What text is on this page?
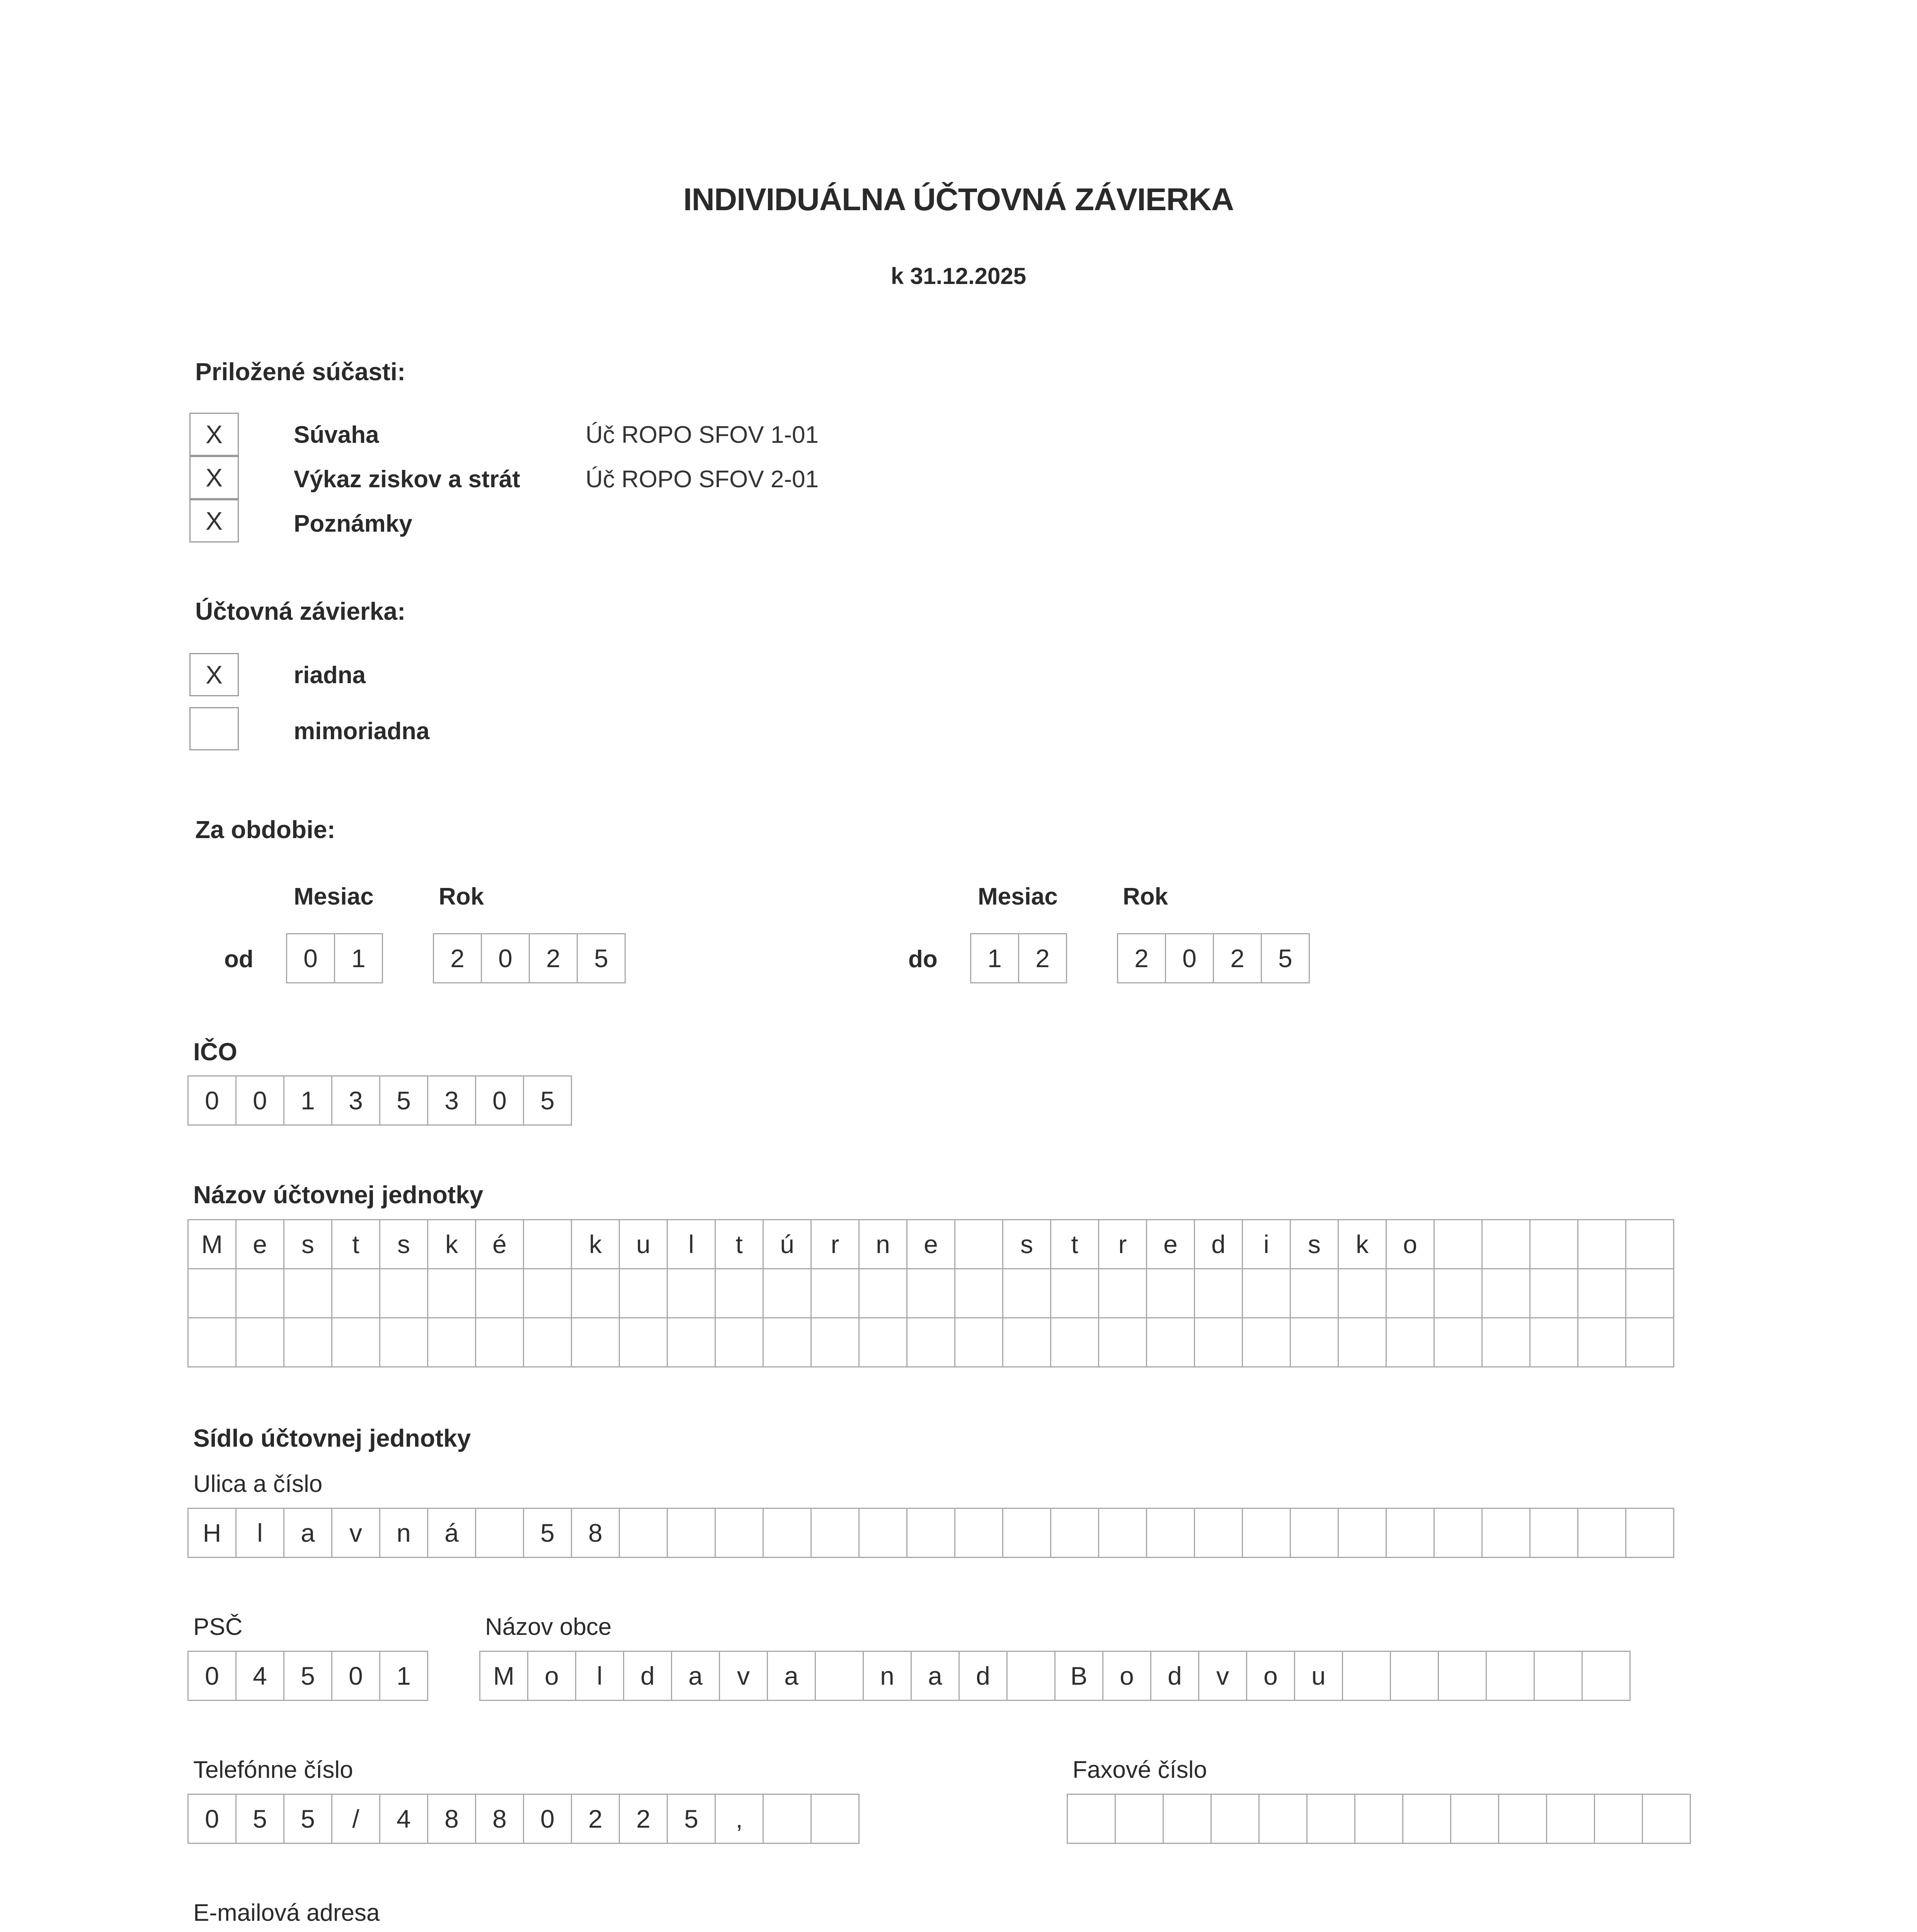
INDIVIDUÁLNA ÚČTOVNÁ ZÁVIERKA
k 31.12.2025
Priložené súčasti:
X	Súvaha	Úč ROPO SFOV 1-01
X	Výkaz ziskov a strát	Úč ROPO SFOV 2-01
X	Poznámky
Účtovná závierka:
X	riadna
mimoriadna
Za obdobie:
Mesiac	Rok	Mesiac	Rok
od	0	1	2	0	2	5	do	1	2	2	0	2	5
IČO
0	0	1	3	5	3	0	5
Názov účtovnej jednotky
M	e	s	t	s	k	é	k	u	l	t	ú	r	n	e	s	t	r	e	d	i	s	k	o
Sídlo účtovnej jednotky
Ulica a číslo
H	l	a	v	n	á	5	8
PSČ
0	4	5	0	1
Názov obce
M	o	l	d	a	v	a	n	a	d	B	o	d	v	o	u
Telefónne číslo
0	5	5	/	4	8	8	0	2	2	5	,
Faxové číslo
E-mailová adresa
